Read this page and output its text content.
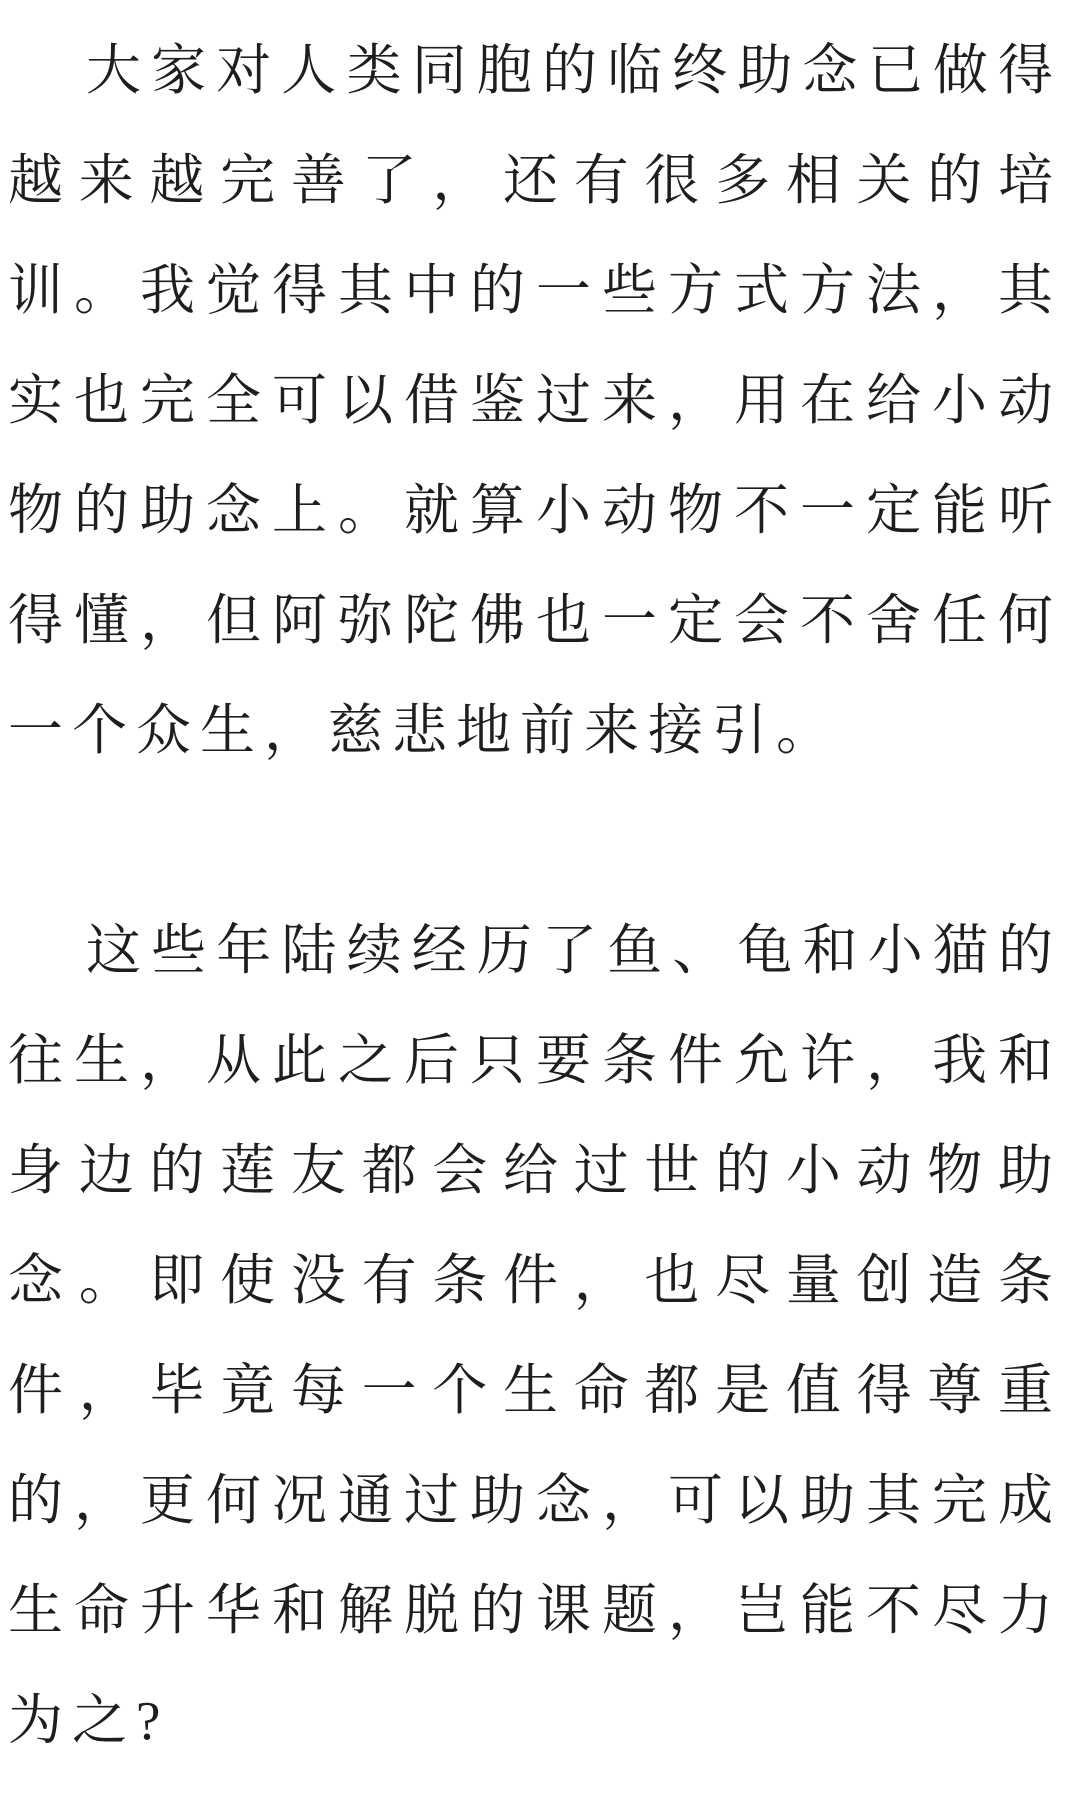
大家对人类同胞的临终助念已做得越来越完善了，还有很多相关的培训。我觉得其中的一些方式方法，其实也完全可以借鉴过来，用在给小动物的助念上。就算小动物不一定能听得懂，但阿弥陀佛也一定会不舍任何一个众生，慈悲地前来接引。

这些年陆续经历了鱼、龟和小猫的往生，从此之后只要条件允许，我和身边的莲友都会给过世的小动物助念。即使没有条件，也尽量创造条件，毕竟每一个生命都是值得尊重的，更何况通过助念，可以助其完成生命升华和解脱的课题，岂能不尽力为之?
